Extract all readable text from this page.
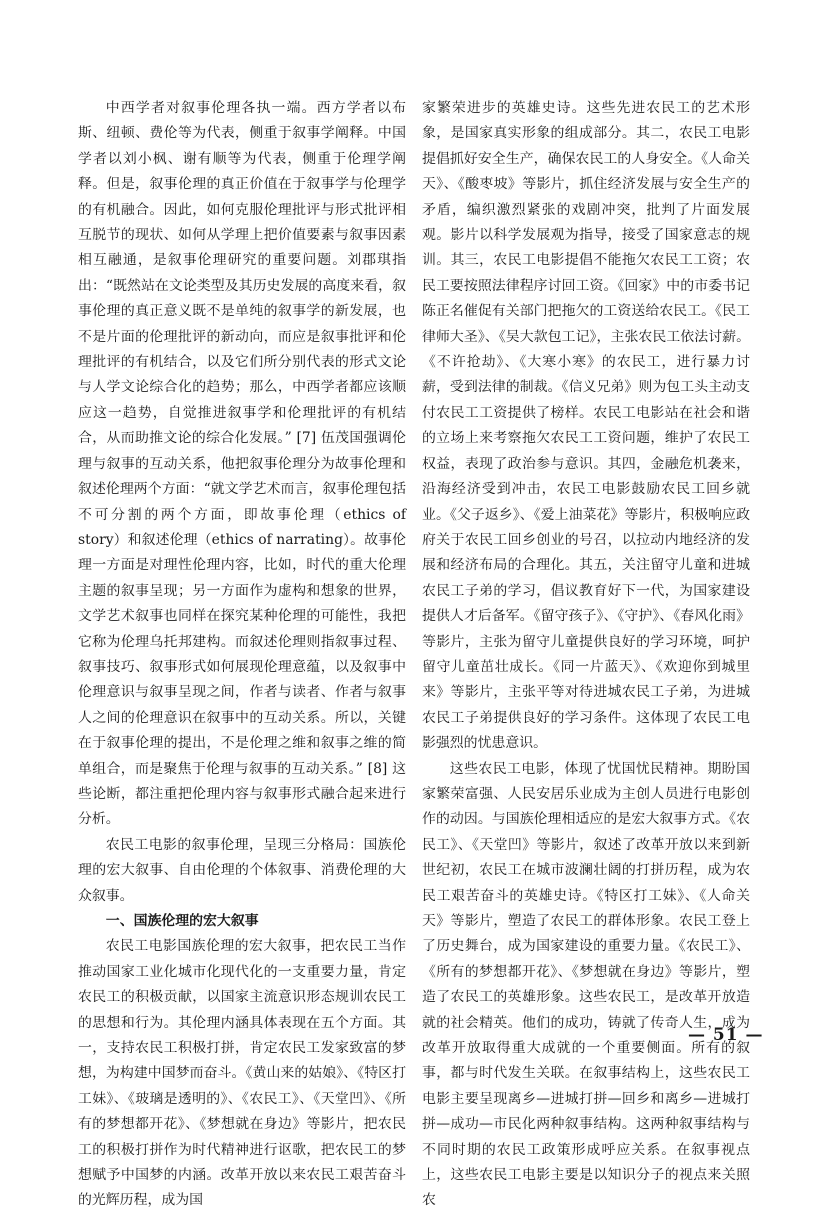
中西学者对叙事伦理各执一端。西方学者以布斯、纽顿、费伦等为代表，侧重于叙事学阐释。中国学者以刘小枫、谢有顺等为代表，侧重于伦理学阐释。但是，叙事伦理的真正价值在于叙事学与伦理学的有机融合。因此，如何克服伦理批评与形式批评相互脱节的现状、如何从学理上把价值要素与叙事因素相互融通，是叙事伦理研究的重要问题。刘郡琪指出：“既然站在文论类型及其历史发展的高度来看，叙事伦理的真正意义既不是单纯的叙事学的新发展，也不是片面的伦理批评的新动向，而应是叙事批评和伦理批评的有机结合，以及它们所分别代表的形式文论与人学文论综合化的趋势；那么，中西学者都应该顺应这一趋势，自觉推进叙事学和伦理批评的有机结合，从而助推文论的综合化发展。” [7] 伍茂国强调伦理与叙事的互动关系，他把叙事伦理分为故事伦理和叙述伦理两个方面：“就文学艺术而言，叙事伦理包括不可分割的两个方面，即故事伦理（ethics of story）和叙述伦理（ethics of narrating）。故事伦理一方面是对理性伦理内容，比如，时代的重大伦理主题的叙事呈现；另一方面作为虚构和想象的世界，文学艺术叙事也同样在探究某种伦理的可能性，我把它称为伦理乌托邦建构。而叙述伦理则指叙事过程、叙事技巧、叙事形式如何展现伦理意蕴，以及叙事中伦理意识与叙事呈现之间，作者与读者、作者与叙事人之间的伦理意识在叙事中的互动关系。所以，关键在于叙事伦理的提出，不是伦理之维和叙事之维的简单组合，而是聚焦于伦理与叙事的互动关系。” [8] 这些论断，都注重把伦理内容与叙事形式融合起来进行分析。

农民工电影的叙事伦理，呈现三分格局：国族伦理的宏大叙事、自由伦理的个体叙事、消费伦理的大众叙事。

一、国族伦理的宏大叙事

农民工电影国族伦理的宏大叙事，把农民工当作推动国家工业化城市化现代化的一支重要力量，肯定农民工的积极贡献，以国家主流意识形态规训农民工的思想和行为。其伦理内涵具体表现在五个方面。其一，支持农民工积极打拼，肯定农民工发家致富的梦想，为构建中国梦而奋斗。《黄山来的姑娘》、《特区打工妹》、《玻璃是透明的》、《农民工》、《天堂凹》、《所有的梦想都开花》、《梦想就在身边》等影片，把农民工的积极打拼作为时代精神进行讴歌，把农民工的梦想赋予中国梦的内涵。改革开放以来农民工艰苦奋斗的光辉历程，成为国

家繁荣进步的英雄史诗。这些先进农民工的艺术形象，是国家真实形象的组成部分。其二，农民工电影提倡抓好安全生产，确保农民工的人身安全。《人命关天》、《酸枣坡》等影片，抓住经济发展与安全生产的矛盾，编织激烈紧张的戏剧冲突，批判了片面发展观。影片以科学发展观为指导，接受了国家意志的规训。其三，农民工电影提倡不能拖欠农民工工资；农民工要按照法律程序讨回工资。《回家》中的市委书记陈正名催促有关部门把拖欠的工资送给农民工。《民工律师大圣》、《吴大款包工记》，主张农民工依法讨薪。《不许抢劫》、《大寒小寒》的农民工，进行暴力讨薪，受到法律的制裁。《信义兄弟》则为包工头主动支付农民工工资提供了榜样。农民工电影站在社会和谐的立场上来考察拖欠农民工工资问题，维护了农民工权益，表现了政治参与意识。其四，金融危机袭来，沿海经济受到冲击，农民工电影鼓励农民工回乡就业。《父子返乡》、《爱上油菜花》等影片，积极响应政府关于农民工回乡创业的号召，以拉动内地经济的发展和经济布局的合理化。其五，关注留守儿童和进城农民工子弟的学习，倡议教育好下一代，为国家建设提供人才后备军。《留守孩子》、《守护》、《春风化雨》等影片，主张为留守儿童提供良好的学习环境，呵护留守儿童茁壮成长。《同一片蓝天》、《欢迎你到城里来》等影片，主张平等对待进城农民工子弟，为进城农民工子弟提供良好的学习条件。这体现了农民工电影强烈的忧患意识。

这些农民工电影，体现了忧国忧民精神。期盼国家繁荣富强、人民安居乐业成为主创人员进行电影创作的动因。与国族伦理相适应的是宏大叙事方式。《农民工》、《天堂凹》等影片，叙述了改革开放以来到新世纪初，农民工在城市波澜壮阔的打拼历程，成为农民工艰苦奋斗的英雄史诗。《特区打工妹》、《人命关天》等影片，塑造了农民工的群体形象。农民工登上了历史舞台，成为国家建设的重要力量。《农民工》、《所有的梦想都开花》、《梦想就在身边》等影片，塑造了农民工的英雄形象。这些农民工，是改革开放造就的社会精英。他们的成功，铸就了传奇人生，成为改革开放取得重大成就的一个重要侧面。所有的叙事，都与时代发生关联。在叙事结构上，这些农民工电影主要呈现离乡—进城打拼—回乡和离乡—进城打拼—成功—市民化两种叙事结构。这两种叙事结构与不同时期的农民工政策形成呼应关系。在叙事视点上，这些农民工电影主要是以知识分子的视点来关照农

— 51 —
